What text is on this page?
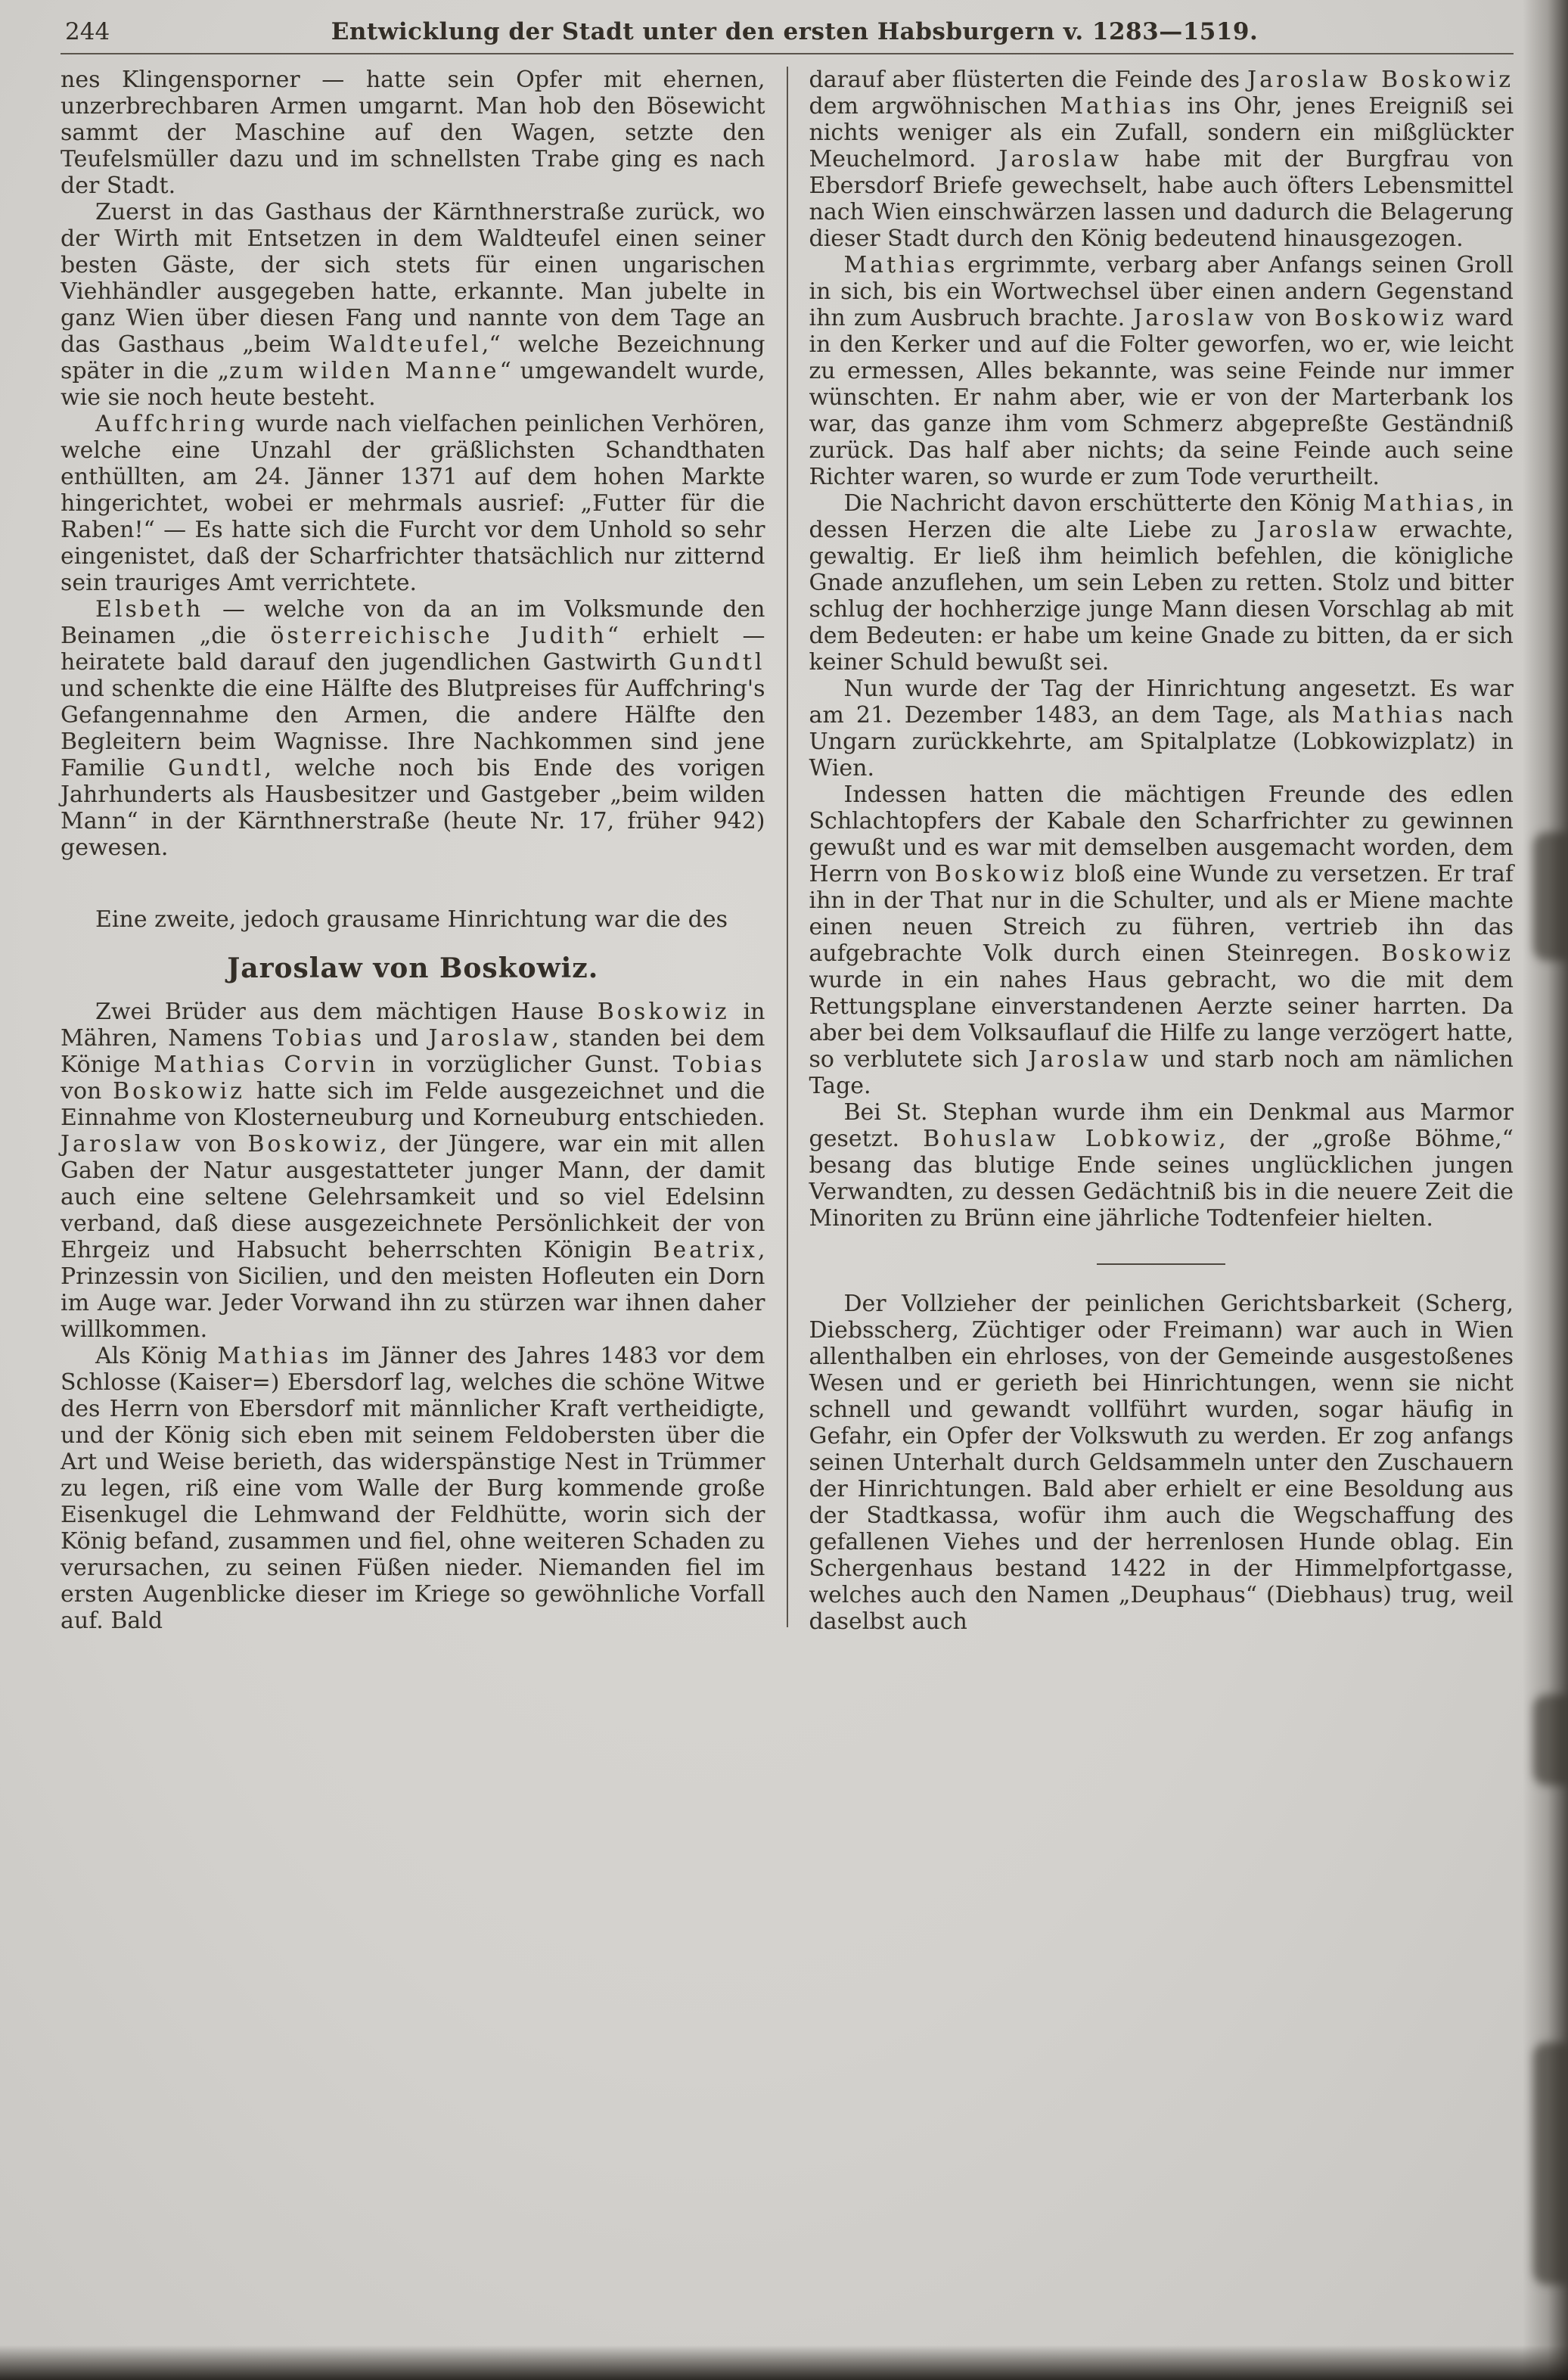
244	Entwicklung der Stadt unter den ersten Habsburgern v. 1283—1519.

nes Klingensporner — hatte sein Opfer mit ehernen, unzerbrechbaren Armen umgarnt. Man hob den Bösewicht sammt der Maschine auf den Wagen, setzte den Teufelsmüller dazu und im schnellsten Trabe ging es nach der Stadt.

Zuerst in das Gasthaus der Kärnthnerstraße zurück, wo der Wirth mit Entsetzen in dem Waldteufel einen seiner besten Gäste, der sich stets für einen ungarischen Viehhändler ausgegeben hatte, erkannte. Man jubelte in ganz Wien über diesen Fang und nannte von dem Tage an das Gasthaus „beim Waldteufel,“ welche Bezeichnung später in die „zum wilden Manne“ umgewandelt wurde, wie sie noch heute besteht.

Auffchring wurde nach vielfachen peinlichen Verhören, welche eine Unzahl der gräßlichsten Schandthaten enthüllten, am 24. Jänner 1371 auf dem hohen Markte hingerichtet, wobei er mehrmals ausrief: „Futter für die Raben!“ — Es hatte sich die Furcht vor dem Unhold so sehr eingenistet, daß der Scharfrichter thatsächlich nur zitternd sein trauriges Amt verrichtete.

Elsbeth — welche von da an im Volksmunde den Beinamen „die österreichische Judith“ erhielt — heiratete bald darauf den jugendlichen Gastwirth Gundtl und schenkte die eine Hälfte des Blutpreises für Auffchring's Gefangennahme den Armen, die andere Hälfte den Begleitern beim Wagnisse. Ihre Nachkommen sind jene Familie Gundtl, welche noch bis Ende des vorigen Jahrhunderts als Hausbesitzer und Gastgeber „beim wilden Mann“ in der Kärnthnerstraße (heute Nr. 17, früher 942) gewesen.

Eine zweite, jedoch grausame Hinrichtung war die des

Jaroslaw von Boskowiz.

Zwei Brüder aus dem mächtigen Hause Boskowiz in Mähren, Namens Tobias und Jaroslaw, standen bei dem Könige Mathias Corvin in vorzüglicher Gunst. Tobias von Boskowiz hatte sich im Felde ausgezeichnet und die Einnahme von Klosterneuburg und Korneuburg entschieden. Jaroslaw von Boskowiz, der Jüngere, war ein mit allen Gaben der Natur ausgestatteter junger Mann, der damit auch eine seltene Gelehrsamkeit und so viel Edelsinn verband, daß diese ausgezeichnete Persönlichkeit der von Ehrgeiz und Habsucht beherrschten Königin Beatrix, Prinzessin von Sicilien, und den meisten Hofleuten ein Dorn im Auge war. Jeder Vorwand ihn zu stürzen war ihnen daher willkommen.

Als König Mathias im Jänner des Jahres 1483 vor dem Schlosse (Kaiser=) Ebersdorf lag, welches die schöne Witwe des Herrn von Ebersdorf mit männlicher Kraft vertheidigte, und der König sich eben mit seinem Feldobersten über die Art und Weise berieth, das widerspänstige Nest in Trümmer zu legen, riß eine vom Walle der Burg kommende große Eisenkugel die Lehmwand der Feldhütte, worin sich der König befand, zusammen und fiel, ohne weiteren Schaden zu verursachen, zu seinen Füßen nieder. Niemanden fiel im ersten Augenblicke dieser im Kriege so gewöhnliche Vorfall auf. Bald

darauf aber flüsterten die Feinde des Jaroslaw Boskowiz dem argwöhnischen Mathias ins Ohr, jenes Ereigniß sei nichts weniger als ein Zufall, sondern ein mißglückter Meuchelmord. Jaroslaw habe mit der Burgfrau von Ebersdorf Briefe gewechselt, habe auch öfters Lebensmittel nach Wien einschwärzen lassen und dadurch die Belagerung dieser Stadt durch den König bedeutend hinausgezogen.

Mathias ergrimmte, verbarg aber Anfangs seinen Groll in sich, bis ein Wortwechsel über einen andern Gegenstand ihn zum Ausbruch brachte. Jaroslaw von Boskowiz ward in den Kerker und auf die Folter geworfen, wo er, wie leicht zu ermessen, Alles bekannte, was seine Feinde nur immer wünschten. Er nahm aber, wie er von der Marterbank los war, das ganze ihm vom Schmerz abgepreßte Geständniß zurück. Das half aber nichts; da seine Feinde auch seine Richter waren, so wurde er zum Tode verurtheilt.

Die Nachricht davon erschütterte den König Mathias, in dessen Herzen die alte Liebe zu Jaroslaw erwachte, gewaltig. Er ließ ihm heimlich befehlen, die königliche Gnade anzuflehen, um sein Leben zu retten. Stolz und bitter schlug der hochherzige junge Mann diesen Vorschlag ab mit dem Bedeuten: er habe um keine Gnade zu bitten, da er sich keiner Schuld bewußt sei.

Nun wurde der Tag der Hinrichtung angesetzt. Es war am 21. Dezember 1483, an dem Tage, als Mathias nach Ungarn zurückkehrte, am Spitalplatze (Lobkowizplatz) in Wien.

Indessen hatten die mächtigen Freunde des edlen Schlachtopfers der Kabale den Scharfrichter zu gewinnen gewußt und es war mit demselben ausgemacht worden, dem Herrn von Boskowiz bloß eine Wunde zu versetzen. Er traf ihn in der That nur in die Schulter, und als er Miene machte einen neuen Streich zu führen, vertrieb ihn das aufgebrachte Volk durch einen Steinregen. Boskowiz wurde in ein nahes Haus gebracht, wo die mit dem Rettungsplane einverstandenen Aerzte seiner harrten. Da aber bei dem Volksauflauf die Hilfe zu lange verzögert hatte, so verblutete sich Jaroslaw und starb noch am nämlichen Tage.

Bei St. Stephan wurde ihm ein Denkmal aus Marmor gesetzt. Bohuslaw Lobkowiz, der „große Böhme,“ besang das blutige Ende seines unglücklichen jungen Verwandten, zu dessen Gedächtniß bis in die neuere Zeit die Minoriten zu Brünn eine jährliche Todtenfeier hielten.

Der Vollzieher der peinlichen Gerichtsbarkeit (Scherg, Diebsscherg, Züchtiger oder Freimann) war auch in Wien allenthalben ein ehrloses, von der Gemeinde ausgestoßenes Wesen und er gerieth bei Hinrichtungen, wenn sie nicht schnell und gewandt vollführt wurden, sogar häufig in Gefahr, ein Opfer der Volkswuth zu werden. Er zog anfangs seinen Unterhalt durch Geldsammeln unter den Zuschauern der Hinrichtungen. Bald aber erhielt er eine Besoldung aus der Stadtkassa, wofür ihm auch die Wegschaffung des gefallenen Viehes und der herrenlosen Hunde oblag. Ein Schergenhaus bestand 1422 in der Himmelpfortgasse, welches auch den Namen „Deuphaus“ (Diebhaus) trug, weil daselbst auch
